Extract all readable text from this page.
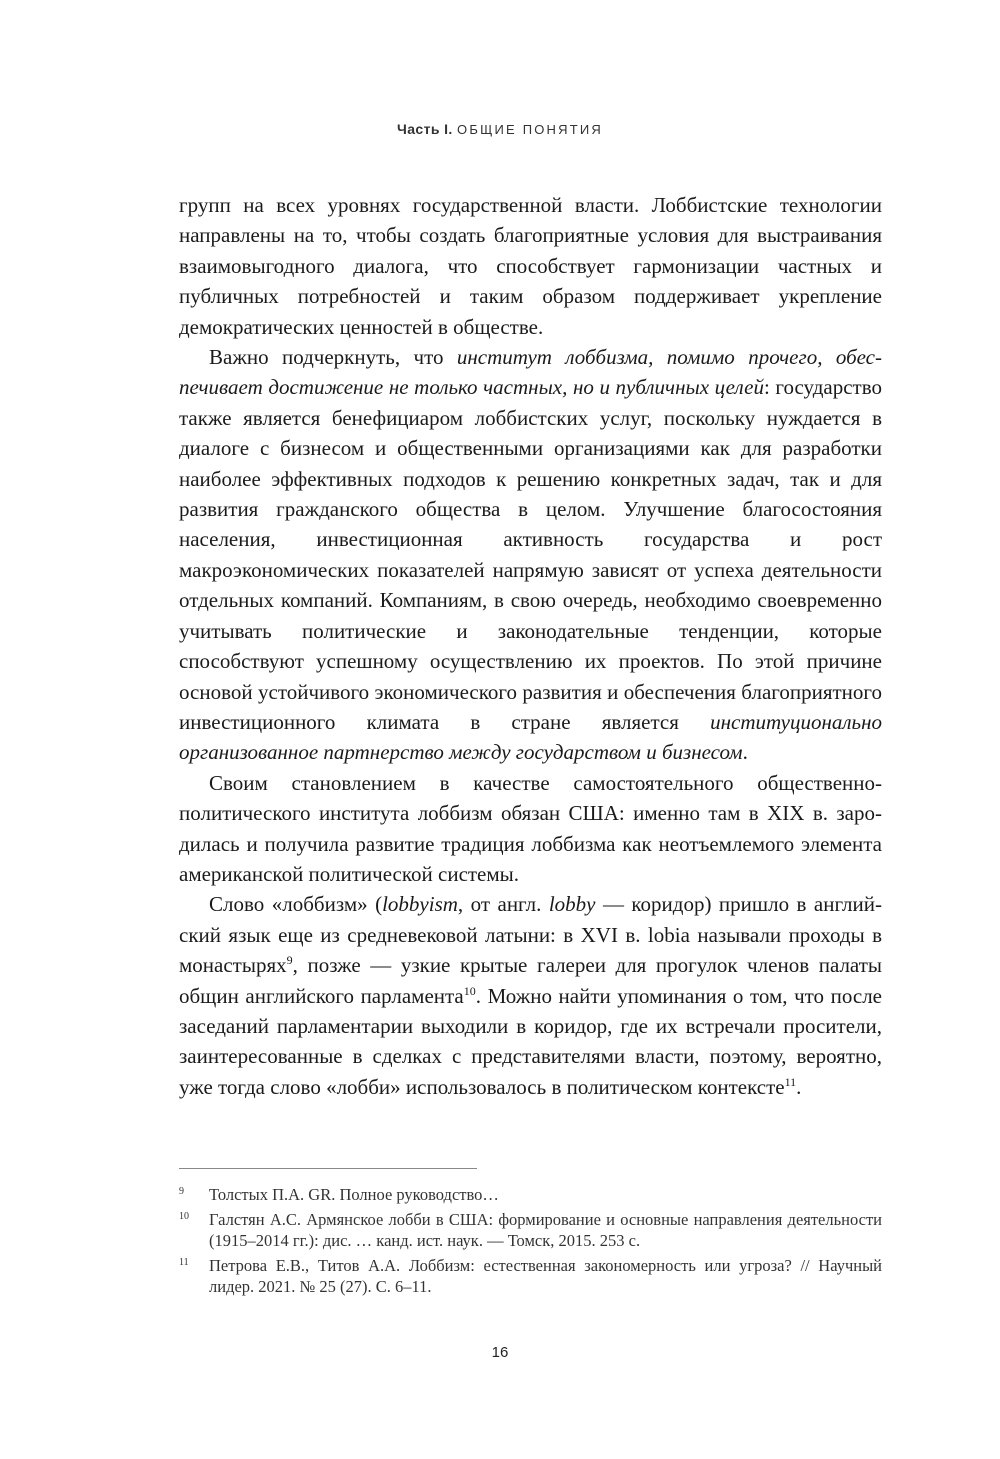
Часть I. ОБЩИЕ ПОНЯТИЯ

групп на всех уровнях государственной власти. Лоббистские технологии направлены на то, чтобы создать благоприятные условия для выстраивания взаимовыгодного диалога, что способствует гармонизации частных и публичных потребностей и таким образом поддерживает укрепление демократических ценностей в обществе.

Важно подчеркнуть, что институт лоббизма, помимо прочего, обеспечивает достижение не только частных, но и публичных целей: государство также является бенефициаром лоббистских услуг, поскольку нуждается в диалоге с бизнесом и общественными организациями как для разработки наиболее эффективных подходов к решению конкретных задач, так и для развития гражданского общества в целом. Улучшение благосостояния населения, инвестиционная активность государства и рост макроэкономических показателей напрямую зависят от успеха деятельности отдельных компаний. Компаниям, в свою очередь, необходимо своевременно учитывать политические и законодательные тенденции, которые способствуют успешному осуществлению их проектов. По этой причине основой устойчивого экономического развития и обеспечения благоприятного инвестиционного климата в стране является институционально организованное партнерство между государством и бизнесом.

Своим становлением в качестве самостоятельного общественно-политического института лоббизм обязан США: именно там в XIX в. зародилась и получила развитие традиция лоббизма как неотъемлемого элемента американской политической системы.

Слово «лоббизм» (lobbyism, от англ. lobby — коридор) пришло в английский язык еще из средневековой латыни: в XVI в. lobia называли проходы в монастырях$^9$, позже — узкие крытые галереи для прогулок членов палаты общин английского парламента$^{10}$. Можно найти упоминания о том, что после заседаний парламентарии выходили в коридор, где их встречали просители, заинтересованные в сделках с представителями власти, поэтому, вероятно, уже тогда слово «лобби» использовалось в политическом контексте$^{11}$.

9 Толстых П.А. GR. Полное руководство…
10 Галстян А.С. Армянское лобби в США: формирование и основные направления деятельности (1915–2014 гг.): дис. … канд. ист. наук. — Томск, 2015. 253 с.
11 Петрова Е.В., Титов А.А. Лоббизм: естественная закономерность или угроза? // Научный лидер. 2021. № 25 (27). С. 6–11.
16
